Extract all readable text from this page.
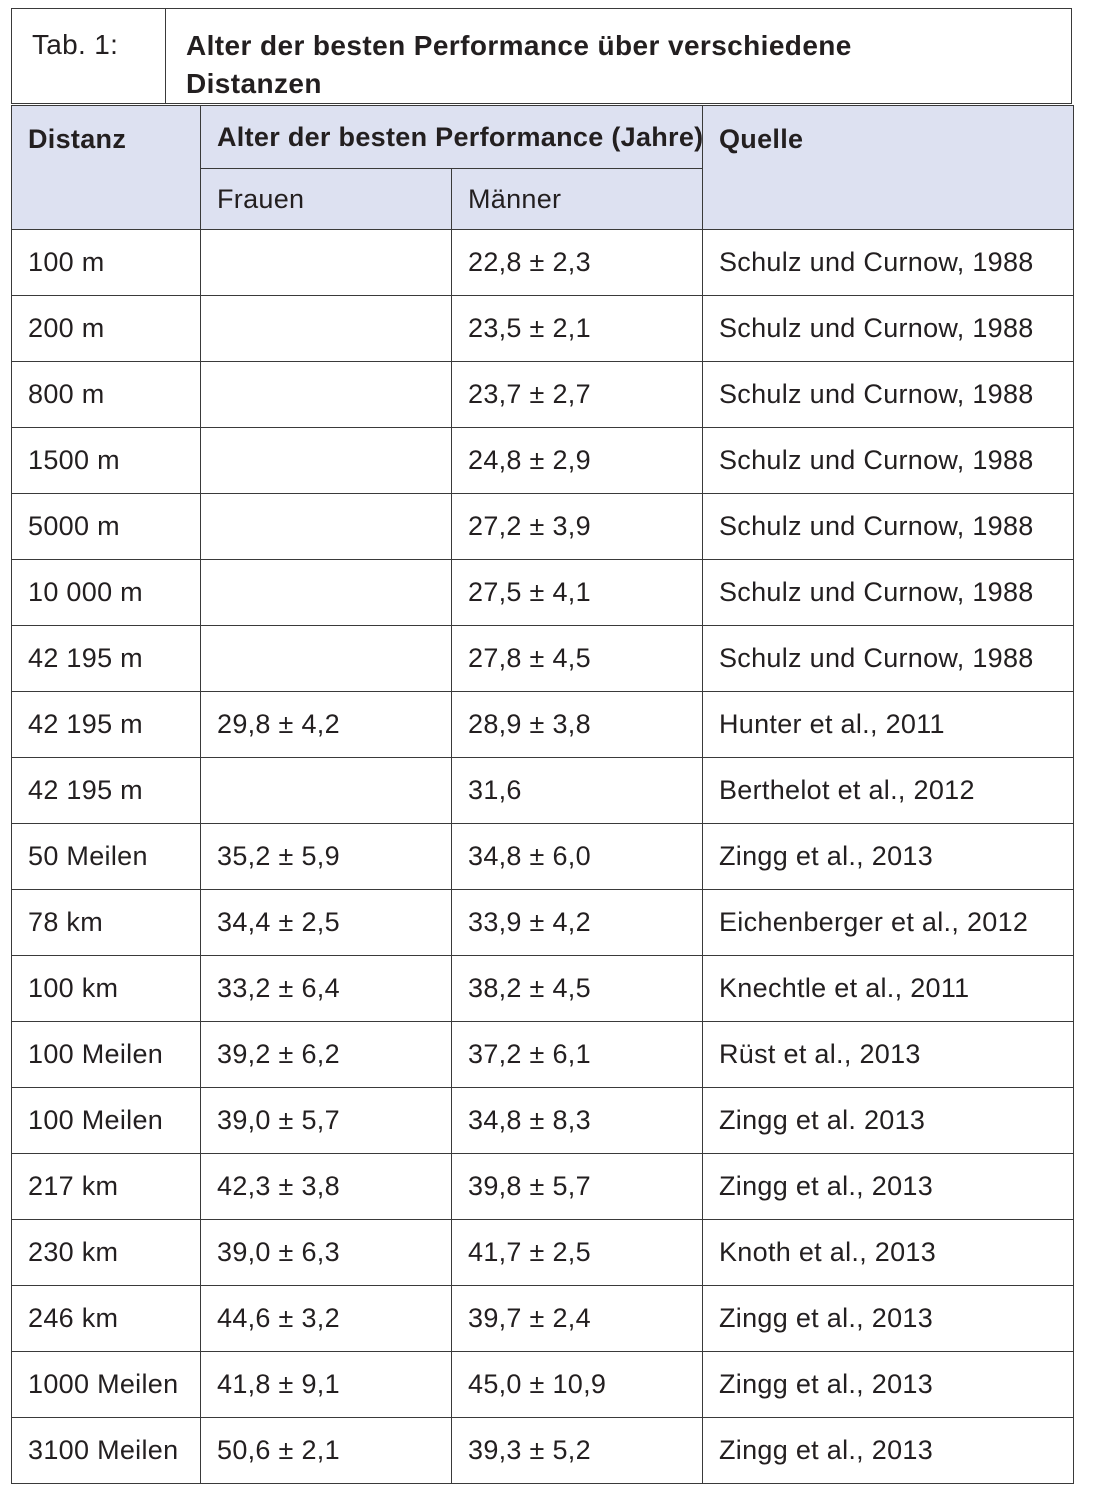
Tab. 1:	Alter der besten Performance über verschiedene
Distanzen
Distanz	Alter der besten Performance (Jahre)		Quelle
	Frauen	Männer	
100 m		22,8 ± 2,3	Schulz und Curnow, 1988
200 m		23,5 ± 2,1	Schulz und Curnow, 1988
800 m		23,7 ± 2,7	Schulz und Curnow, 1988
1500 m		24,8 ± 2,9	Schulz und Curnow, 1988
5000 m		27,2 ± 3,9	Schulz und Curnow, 1988
10 000 m		27,5 ± 4,1	Schulz und Curnow, 1988
42 195 m		27,8 ± 4,5	Schulz und Curnow, 1988
42 195 m	29,8 ± 4,2	28,9 ± 3,8	Hunter et al., 2011
42 195 m		31,6	Berthelot et al., 2012
50 Meilen	35,2 ± 5,9	34,8 ± 6,0	Zingg et al., 2013
78 km	34,4 ± 2,5	33,9 ± 4,2	Eichenberger et al., 2012
100 km	33,2 ± 6,4	38,2 ± 4,5	Knechtle et al., 2011
100 Meilen	39,2 ± 6,2	37,2 ± 6,1	Rüst et al., 2013
100 Meilen	39,0 ± 5,7	34,8 ± 8,3	Zingg et al. 2013
217 km	42,3 ± 3,8	39,8 ± 5,7	Zingg et al., 2013
230 km	39,0 ± 6,3	41,7 ± 2,5	Knoth et al., 2013
246 km	44,6 ± 3,2	39,7 ± 2,4	Zingg et al., 2013
1000 Meilen	41,8 ± 9,1	45,0 ± 10,9	Zingg et al., 2013
3100 Meilen	50,6 ± 2,1	39,3 ± 5,2	Zingg et al., 2013
